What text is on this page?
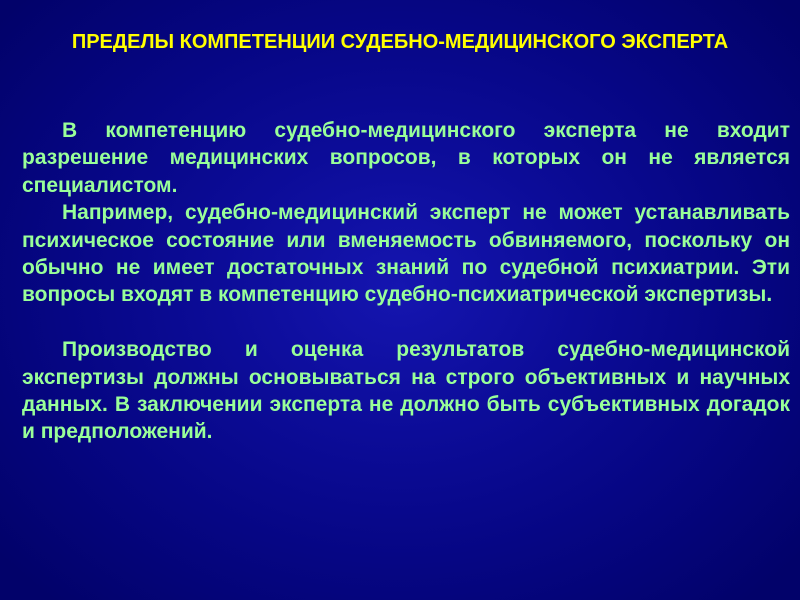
ПРЕДЕЛЫ КОМПЕТЕНЦИИ СУДЕБНО-МЕДИЦИНСКОГО ЭКСПЕРТА

В компетенцию судебно-медицинского эксперта не входит разрешение медицинских вопросов, в которых он не является специалистом.

Например, судебно-медицинский эксперт не может устанавливать психическое состояние или вменяемость обвиняемого, поскольку он обычно не имеет достаточных знаний по судебной психиатрии. Эти вопросы входят в компетенцию судебно-психиатрической экспертизы.

Производство и оценка результатов судебно-медицинской экспертизы должны основываться на строго объективных и научных данных. В заключении эксперта не должно быть субъективных догадок и предположений.
